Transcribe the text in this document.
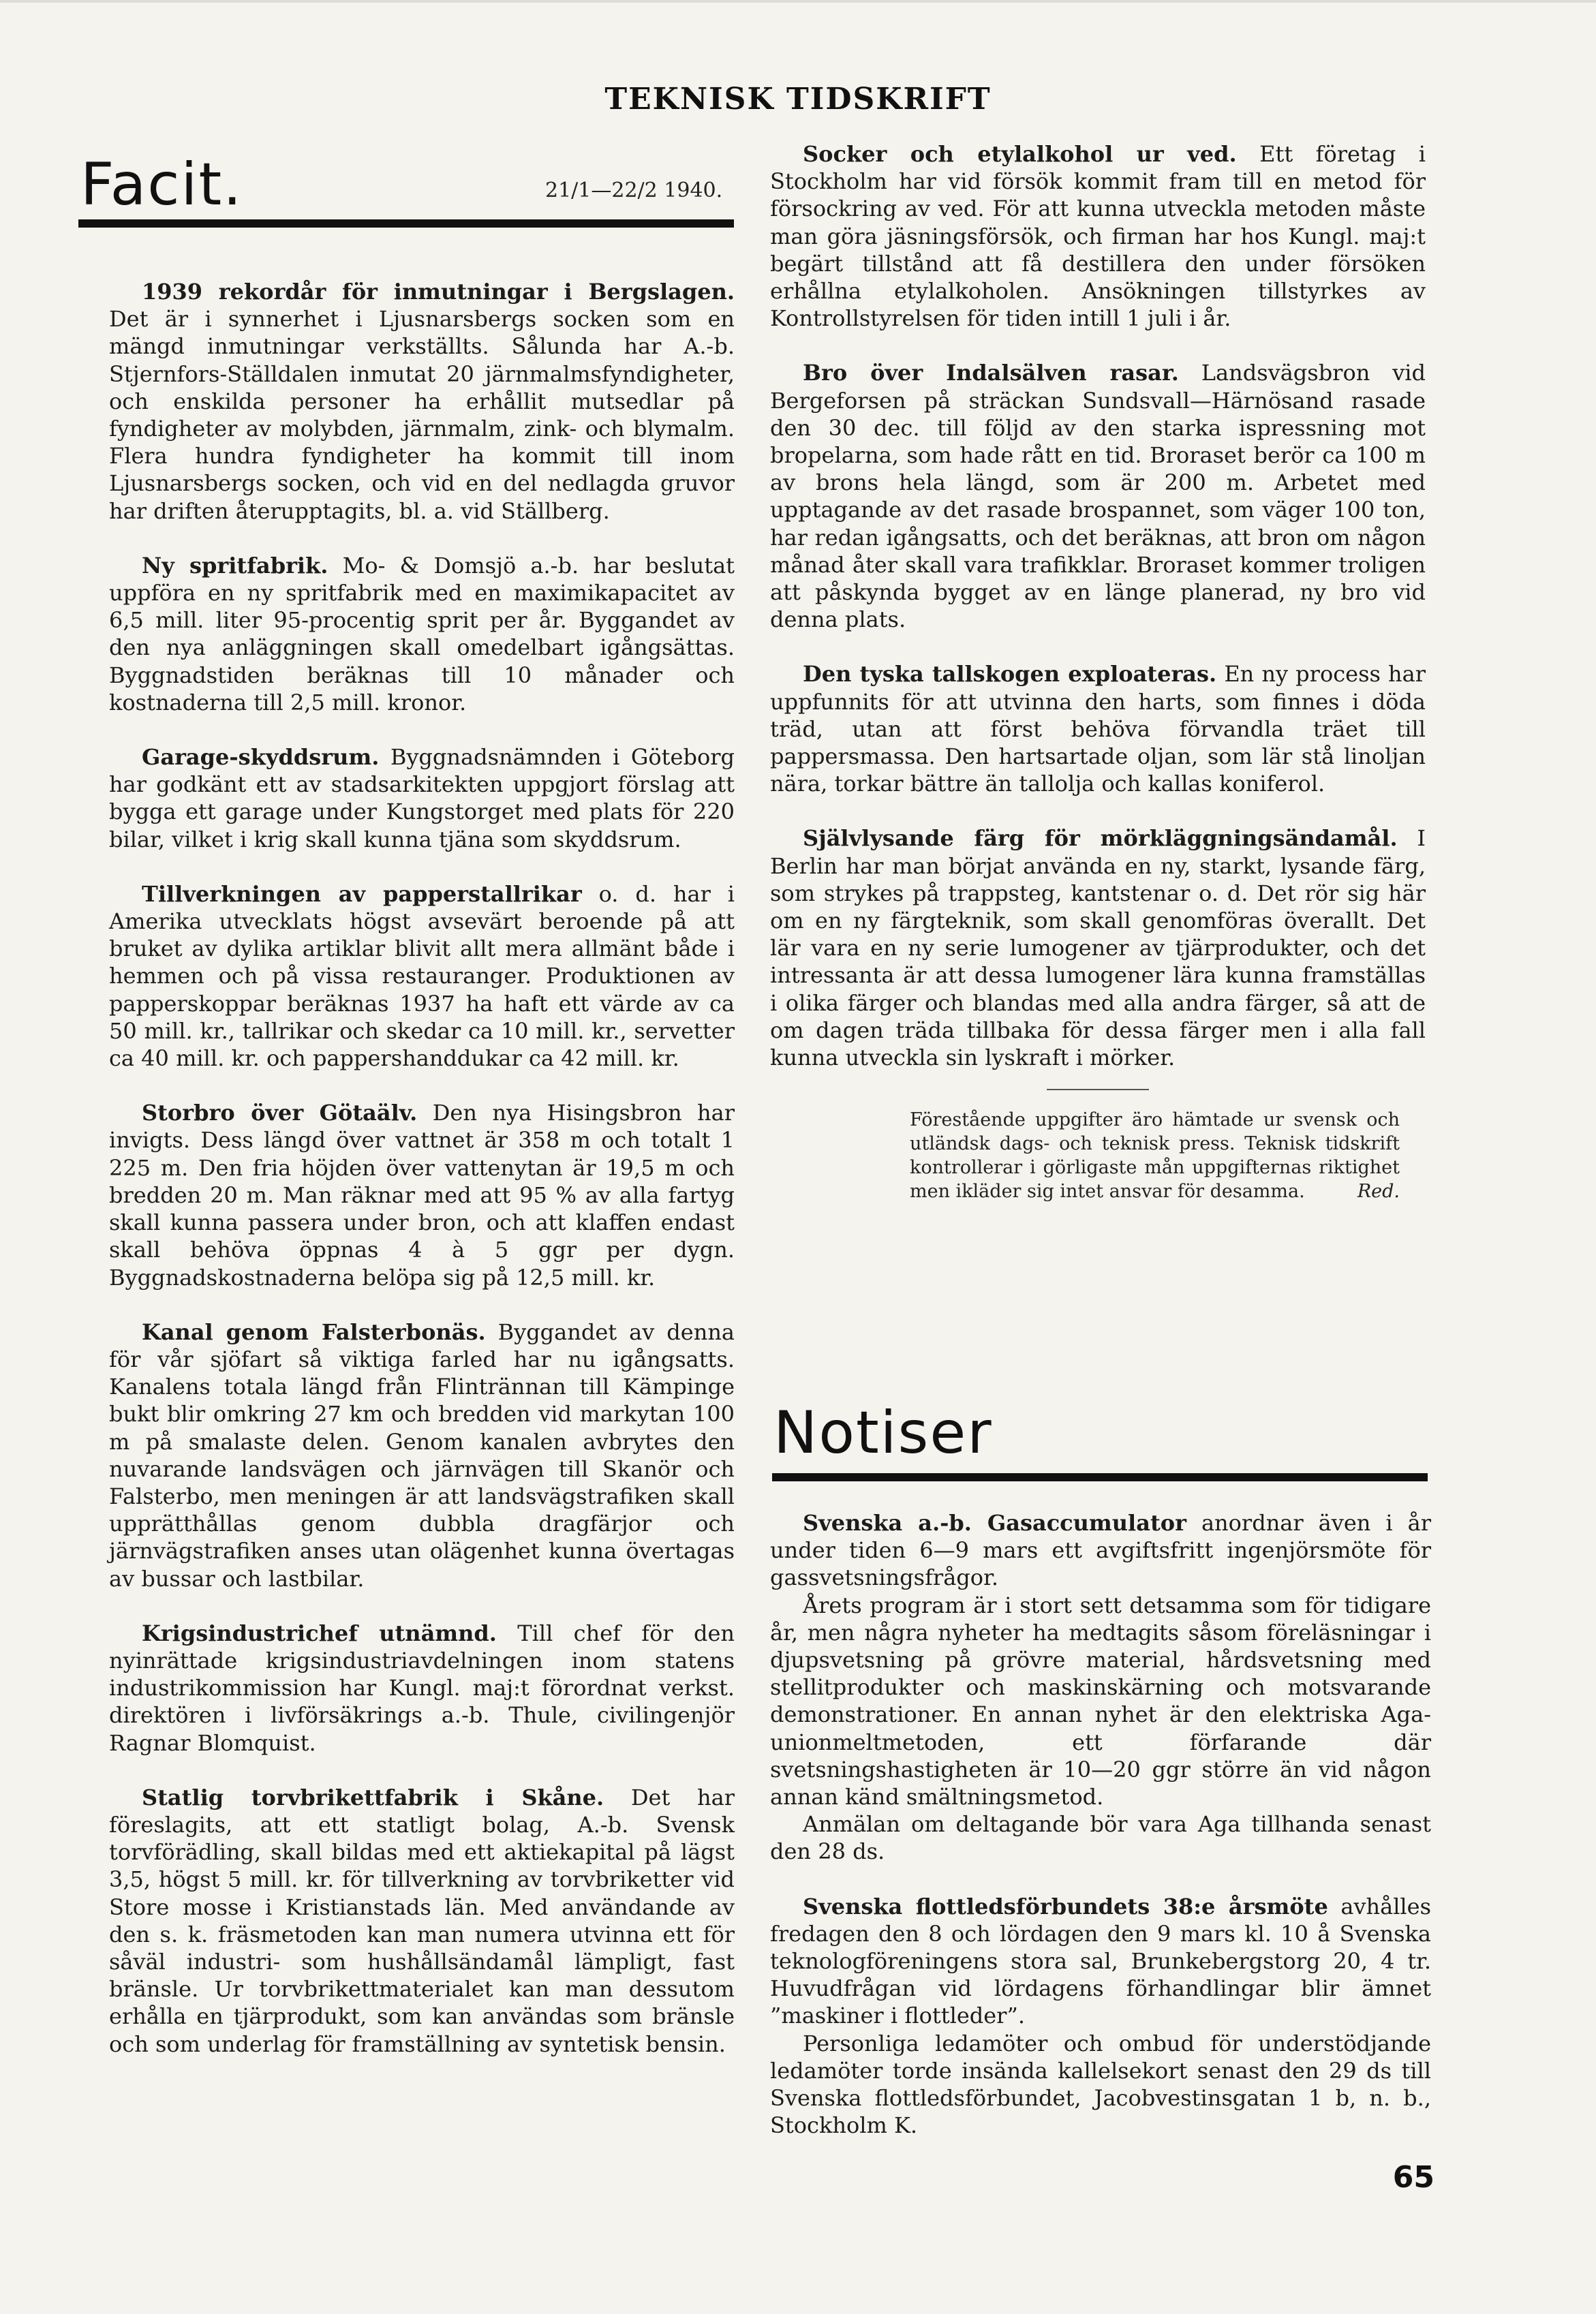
TEKNISK TIDSKRIFT
Facit.	21/1—22/2 1940.

1939 rekordår för inmutningar i Bergslagen. Det är i synnerhet i Ljusnarsbergs socken som en mängd inmutningar verkställts. Sålunda har A.-b. Stjernfors-Ställdalen inmutat 20 järnmalmsfyndigheter, och enskilda personer ha erhållit mutsedlar på fyndigheter av molybden, järnmalm, zink- och blymalm. Flera hundra fyndigheter ha kommit till inom Ljusnarsbergs socken, och vid en del nedlagda gruvor har driften återupptagits, bl. a. vid Ställberg.

Ny spritfabrik. Mo- & Domsjö a.-b. har beslutat uppföra en ny spritfabrik med en maximikapacitet av 6,5 mill. liter 95-procentig sprit per år. Byggandet av den nya anläggningen skall omedelbart igångsättas. Byggnadstiden beräknas till 10 månader och kostnaderna till 2,5 mill. kronor.

Garage-skyddsrum. Byggnadsnämnden i Göteborg har godkänt ett av stadsarkitekten uppgjort förslag att bygga ett garage under Kungstorget med plats för 220 bilar, vilket i krig skall kunna tjäna som skyddsrum.

Tillverkningen av papperstallrikar o. d. har i Amerika utvecklats högst avsevärt beroende på att bruket av dylika artiklar blivit allt mera allmänt både i hemmen och på vissa restauranger. Produktionen av papperskoppar beräknas 1937 ha haft ett värde av ca 50 mill. kr., tallrikar och skedar ca 10 mill. kr., servetter ca 40 mill. kr. och pappershanddukar ca 42 mill. kr.

Storbro över Götaälv. Den nya Hisingsbron har invigts. Dess längd över vattnet är 358 m och totalt 1 225 m. Den fria höjden över vattenytan är 19,5 m och bredden 20 m. Man räknar med att 95 % av alla fartyg skall kunna passera under bron, och att klaffen endast skall behöva öppnas 4 à 5 ggr per dygn. Byggnadskostnaderna belöpa sig på 12,5 mill. kr.

Kanal genom Falsterbonäs. Byggandet av denna för vår sjöfart så viktiga farled har nu igångsatts. Kanalens totala längd från Flintrännan till Kämpinge bukt blir omkring 27 km och bredden vid markytan 100 m på smalaste delen. Genom kanalen avbrytes den nuvarande landsvägen och järnvägen till Skanör och Falsterbo, men meningen är att landsvägstrafiken skall upprätthållas genom dubbla dragfärjor och järnvägstrafiken anses utan olägenhet kunna övertagas av bussar och lastbilar.

Krigsindustrichef utnämnd. Till chef för den nyinrättade krigsindustriavdelningen inom statens industrikommission har Kungl. maj:t förordnat verkst. direktören i livförsäkrings a.-b. Thule, civilingenjör Ragnar Blomquist.

Statlig torvbrikettfabrik i Skåne. Det har föreslagits, att ett statligt bolag, A.-b. Svensk torvförädling, skall bildas med ett aktiekapital på lägst 3,5, högst 5 mill. kr. för tillverkning av torvbriketter vid Store mosse i Kristianstads län. Med användande av den s. k. fräsmetoden kan man numera utvinna ett för såväl industri- som hushållsändamål lämpligt, fast bränsle. Ur torvbrikettmaterialet kan man dessutom erhålla en tjärprodukt, som kan användas som bränsle och som underlag för framställning av syntetisk bensin.

Socker och etylalkohol ur ved. Ett företag i Stockholm har vid försök kommit fram till en metod för försockring av ved. För att kunna utveckla metoden måste man göra jäsningsförsök, och firman har hos Kungl. maj:t begärt tillstånd att få destillera den under försöken erhållna etylalkoholen. Ansökningen tillstyrkes av Kontrollstyrelsen för tiden intill 1 juli i år.

Bro över Indalsälven rasar. Landsvägsbron vid Bergeforsen på sträckan Sundsvall—Härnösand rasade den 30 dec. till följd av den starka ispressning mot bropelarna, som hade rått en tid. Broraset berör ca 100 m av brons hela längd, som är 200 m. Arbetet med upptagande av det rasade brospannet, som väger 100 ton, har redan igångsatts, och det beräknas, att bron om någon månad åter skall vara trafikklar. Broraset kommer troligen att påskynda bygget av en länge planerad, ny bro vid denna plats.

Den tyska tallskogen exploateras. En ny process har uppfunnits för att utvinna den harts, som finnes i döda träd, utan att först behöva förvandla träet till pappersmassa. Den hartsartade oljan, som lär stå linoljan nära, torkar bättre än tallolja och kallas koniferol.

Självlysande färg för mörkläggningsändamål. I Berlin har man börjat använda en ny, starkt, lysande färg, som strykes på trappsteg, kantstenar o. d. Det rör sig här om en ny färgteknik, som skall genomföras överallt. Det lär vara en ny serie lumogener av tjärprodukter, och det intressanta är att dessa lumogener lära kunna framställas i olika färger och blandas med alla andra färger, så att de om dagen träda tillbaka för dessa färger men i alla fall kunna utveckla sin lyskraft i mörker.

Förestående uppgifter äro hämtade ur svensk och utländsk dags- och teknisk press. Teknisk tidskrift kontrollerar i görligaste mån uppgifternas riktighet men ikläder sig intet ansvar för desamma.	Red.
Notiser

Svenska a.-b. Gasaccumulator anordnar även i år under tiden 6—9 mars ett avgiftsfritt ingenjörsmöte för gassvetsningsfrågor.

Årets program är i stort sett detsamma som för tidigare år, men några nyheter ha medtagits såsom föreläsningar i djupsvetsning på grövre material, hårdsvetsning med stellitprodukter och maskinskärning och motsvarande demonstrationer. En annan nyhet är den elektriska Aga-unionmeltmetoden, ett förfarande där svetsningshastigheten är 10—20 ggr större än vid någon annan känd smältningsmetod.

Anmälan om deltagande bör vara Aga tillhanda senast den 28 ds.

Svenska flottledsförbundets 38:e årsmöte avhålles fredagen den 8 och lördagen den 9 mars kl. 10 å Svenska teknologföreningens stora sal, Brunkebergstorg 20, 4 tr. Huvudfrågan vid lördagens förhandlingar blir ämnet ”maskiner i flottleder”.

Personliga ledamöter och ombud för understödjande ledamöter torde insända kallelsekort senast den 29 ds till Svenska flottledsförbundet, Jacobvestinsgatan 1 b, n. b., Stockholm K.

65
